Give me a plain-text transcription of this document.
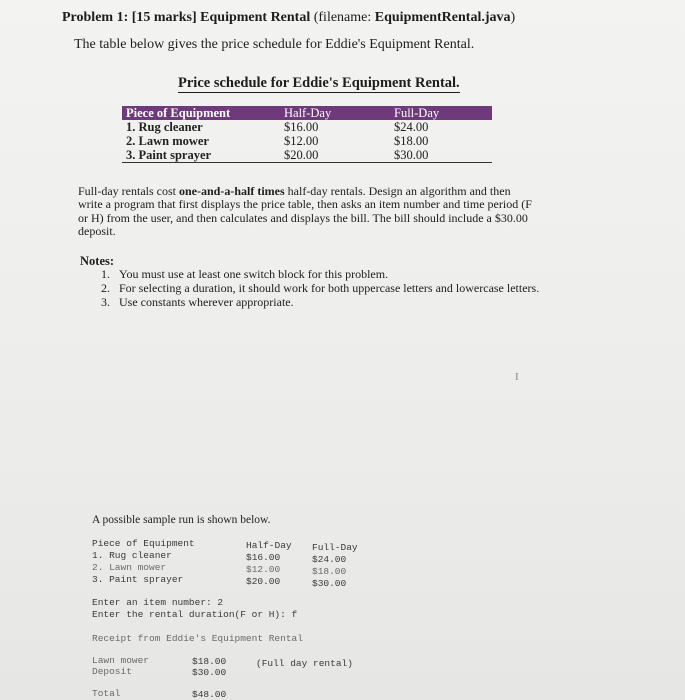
Problem 1: [15 marks] Equipment Rental (filename: EquipmentRental.java)
The table below gives the price schedule for Eddie's Equipment Rental.
Price schedule for Eddie's Equipment Rental.
Piece of Equipment	Half-Day	Full-Day
1. Rug cleaner	$16.00	$24.00
2. Lawn mower	$12.00	$18.00
3. Paint sprayer	$20.00	$30.00
Full-day rentals cost one-and-a-half times half-day rentals. Design an algorithm and then write a program that first displays the price table, then asks an item number and time period (F or H) from the user, and then calculates and displays the bill. The bill should include a $30.00 deposit.
Notes:
1. You must use at least one switch block for this problem.
2. For selecting a duration, it should work for both uppercase letters and lowercase letters.
3. Use constants wherever appropriate.
I
A possible sample run is shown below.
Piece of Equipment	Half-Day Full-Day
1. Rug cleaner	$16.00	$24.00
2. Lawn mower	$12.00	$18.00
3. Paint sprayer	$20.00	$30.00
Enter an item number: 2
Enter the rental duration(F or H): f
Receipt from Eddie's Equipment Rental
Lawn mower	$18.00	(Full day rental)
Deposit	$30.00
Total	$48.00
